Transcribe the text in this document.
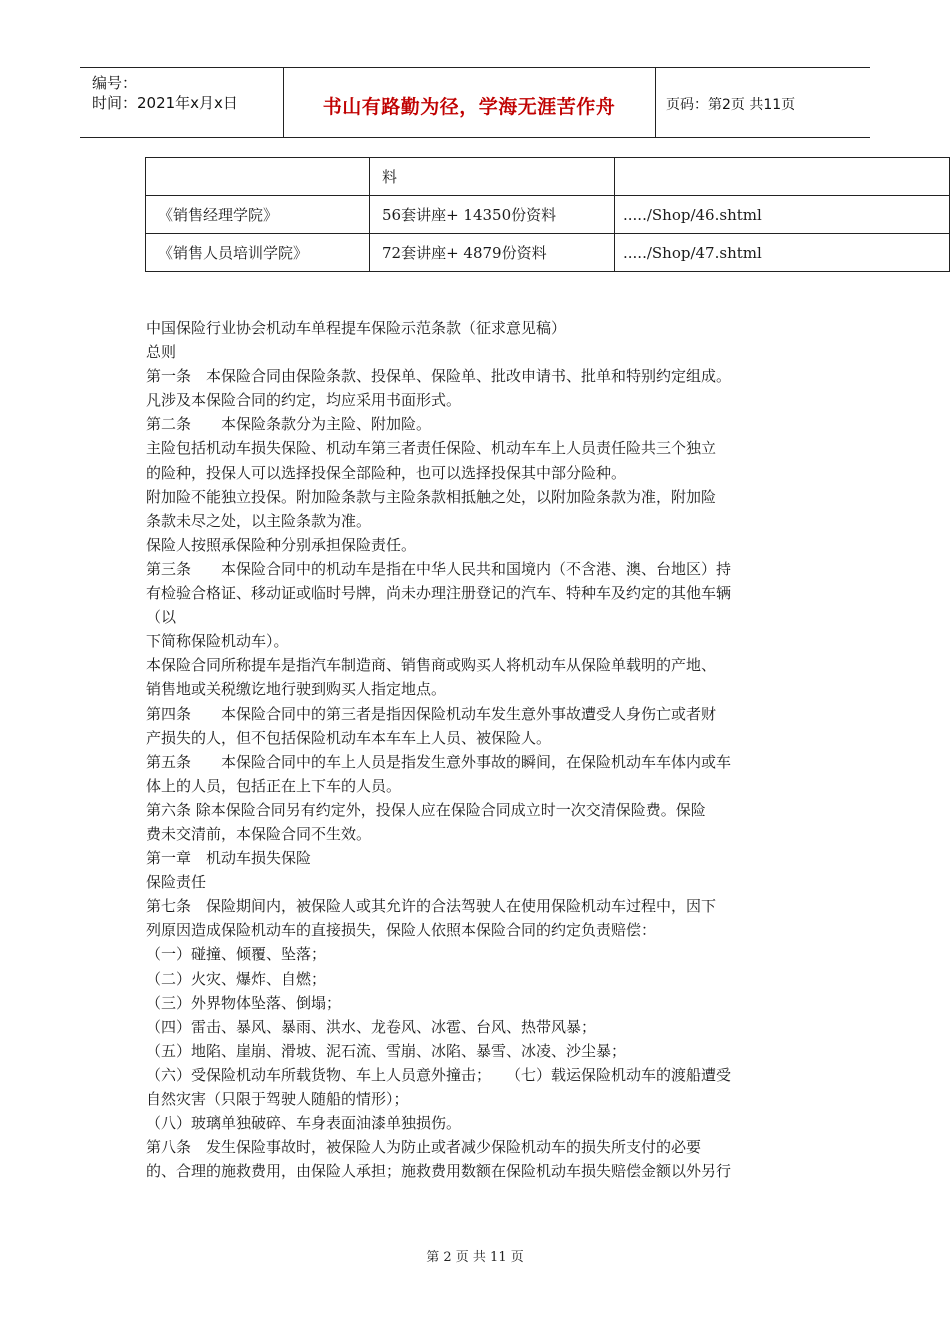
编号：
时间：2021年x月x日	书山有路勤为径，学海无涯苦作舟	页码：第2页 共11页
	料	
《销售经理学院》	56套讲座+ 14350份资料	...../Shop/46.shtml
《销售人员培训学院》	72套讲座+ 4879份资料	...../Shop/47.shtml
中国保险行业协会机动车单程提车保险示范条款（征求意见稿）
总则
第一条　本保险合同由保险条款、投保单、保险单、批改申请书、批单和特别约定组成。
凡涉及本保险合同的约定，均应采用书面形式。
第二条　　本保险条款分为主险、附加险。
主险包括机动车损失保险、机动车第三者责任保险、机动车车上人员责任险共三个独立
的险种，投保人可以选择投保全部险种，也可以选择投保其中部分险种。
附加险不能独立投保。附加险条款与主险条款相抵触之处，以附加险条款为准，附加险
条款未尽之处，以主险条款为准。
保险人按照承保险种分别承担保险责任。
第三条　　本保险合同中的机动车是指在中华人民共和国境内（不含港、澳、台地区）持
有检验合格证、移动证或临时号牌，尚未办理注册登记的汽车、特种车及约定的其他车辆
（以
下简称保险机动车）。
本保险合同所称提车是指汽车制造商、销售商或购买人将机动车从保险单载明的产地、
销售地或关税缴讫地行驶到购买人指定地点。
第四条　　本保险合同中的第三者是指因保险机动车发生意外事故遭受人身伤亡或者财
产损失的人，但不包括保险机动车本车车上人员、被保险人。
第五条　　本保险合同中的车上人员是指发生意外事故的瞬间，在保险机动车车体内或车
体上的人员，包括正在上下车的人员。
第六条 除本保险合同另有约定外，投保人应在保险合同成立时一次交清保险费。保险
费未交清前，本保险合同不生效。
第一章　机动车损失保险
保险责任
第七条　保险期间内，被保险人或其允许的合法驾驶人在使用保险机动车过程中，因下
列原因造成保险机动车的直接损失，保险人依照本保险合同的约定负责赔偿：
（一）碰撞、倾覆、坠落；
（二）火灾、爆炸、自燃；
（三）外界物体坠落、倒塌；
（四）雷击、暴风、暴雨、洪水、龙卷风、冰雹、台风、热带风暴；
（五）地陷、崖崩、滑坡、泥石流、雪崩、冰陷、暴雪、冰凌、沙尘暴；
（六）受保险机动车所载货物、车上人员意外撞击；　　（七）载运保险机动车的渡船遭受
自然灾害（只限于驾驶人随船的情形）；
（八）玻璃单独破碎、车身表面油漆单独损伤。
第八条　发生保险事故时，被保险人为防止或者减少保险机动车的损失所支付的必要
的、合理的施救费用，由保险人承担；施救费用数额在保险机动车损失赔偿金额以外另行
第 2 页 共 11 页
